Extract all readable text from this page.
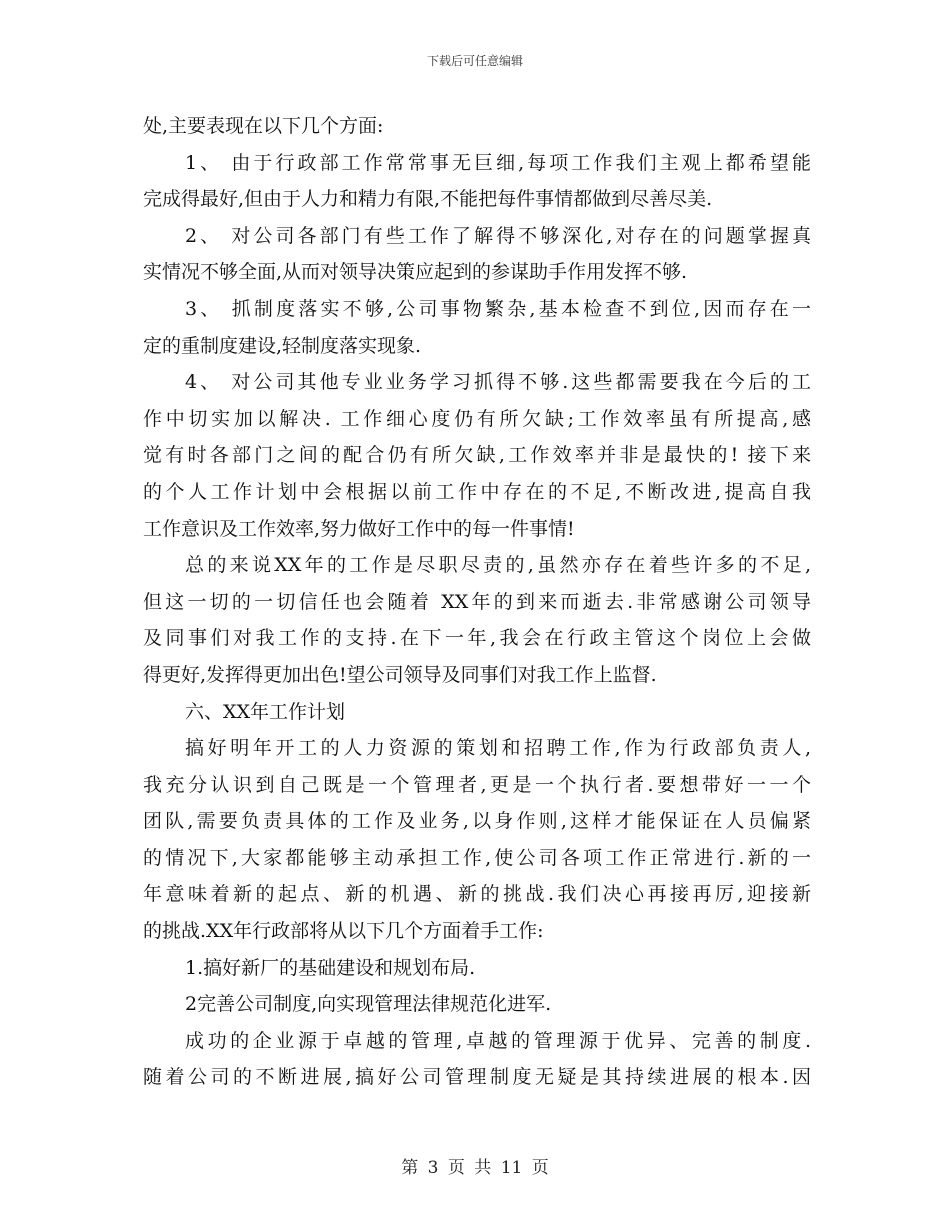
下载后可任意编辑
处,主要表现在以下几个方面:
1、 由于行政部工作常常事无巨细,每项工作我们主观上都希望能
完成得最好,但由于人力和精力有限,不能把每件事情都做到尽善尽美.
2、 对公司各部门有些工作了解得不够深化,对存在的问题掌握真
实情况不够全面,从而对领导决策应起到的参谋助手作用发挥不够.
3、 抓制度落实不够,公司事物繁杂,基本检查不到位,因而存在一
定的重制度建设,轻制度落实现象.
4、 对公司其他专业业务学习抓得不够.这些都需要我在今后的工
作中切实加以解决. 工作细心度仍有所欠缺;工作效率虽有所提高,感
觉有时各部门之间的配合仍有所欠缺,工作效率并非是最快的! 接下来
的个人工作计划中会根据以前工作中存在的不足,不断改进,提高自我
工作意识及工作效率,努力做好工作中的每一件事情!
总的来说XX年的工作是尽职尽责的,虽然亦存在着些许多的不足,
但这一切的一切信任也会随着 XX年的到来而逝去.非常感谢公司领导
及同事们对我工作的支持.在下一年,我会在行政主管这个岗位上会做
得更好,发挥得更加出色!望公司领导及同事们对我工作上监督.
六、XX年工作计划
搞好明年开工的人力资源的策划和招聘工作,作为行政部负责人,
我充分认识到自己既是一个管理者,更是一个执行者.要想带好一一个
团队,需要负责具体的工作及业务,以身作则,这样才能保证在人员偏紧
的情况下,大家都能够主动承担工作,使公司各项工作正常进行.新的一
年意味着新的起点、新的机遇、新的挑战.我们决心再接再厉,迎接新
的挑战.XX年行政部将从以下几个方面着手工作:
1.搞好新厂的基础建设和规划布局.
2完善公司制度,向实现管理法律规范化进军.
成功的企业源于卓越的管理,卓越的管理源于优异、完善的制度.
随着公司的不断进展,搞好公司管理制度无疑是其持续进展的根本.因
第 3 页 共 11 页
